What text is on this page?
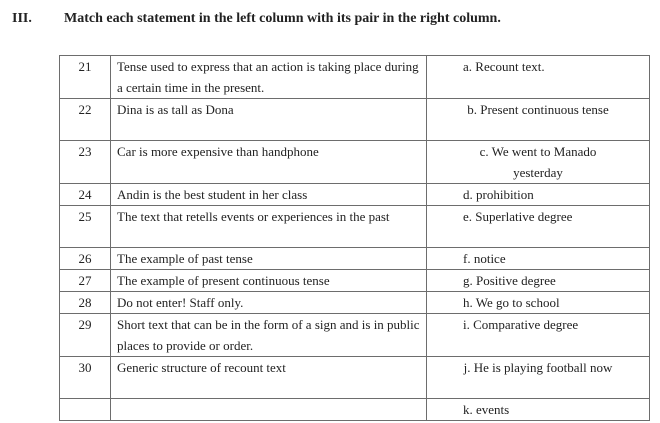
III. Match each statement in the left column with its pair in the right column.
21	Tense used to express that an action is taking place during a certain time in the present.	a. Recount text.
22	Dina is as tall as Dona	b. Present continuous tense
23	Car is more expensive than handphone	c. We went to Manado yesterday
24	Andin is the best student in her class	d. prohibition
25	The text that retells events or experiences in the past	e. Superlative degree
26	The example of past tense	f. notice
27	The example of present continuous tense	g. Positive degree
28	Do not enter! Staff only.	h. We go to school
29	Short text that can be in the form of a sign and is in public places to provide or order.	i. Comparative degree
30	Generic structure of recount text	j. He is playing football now
		k. events
